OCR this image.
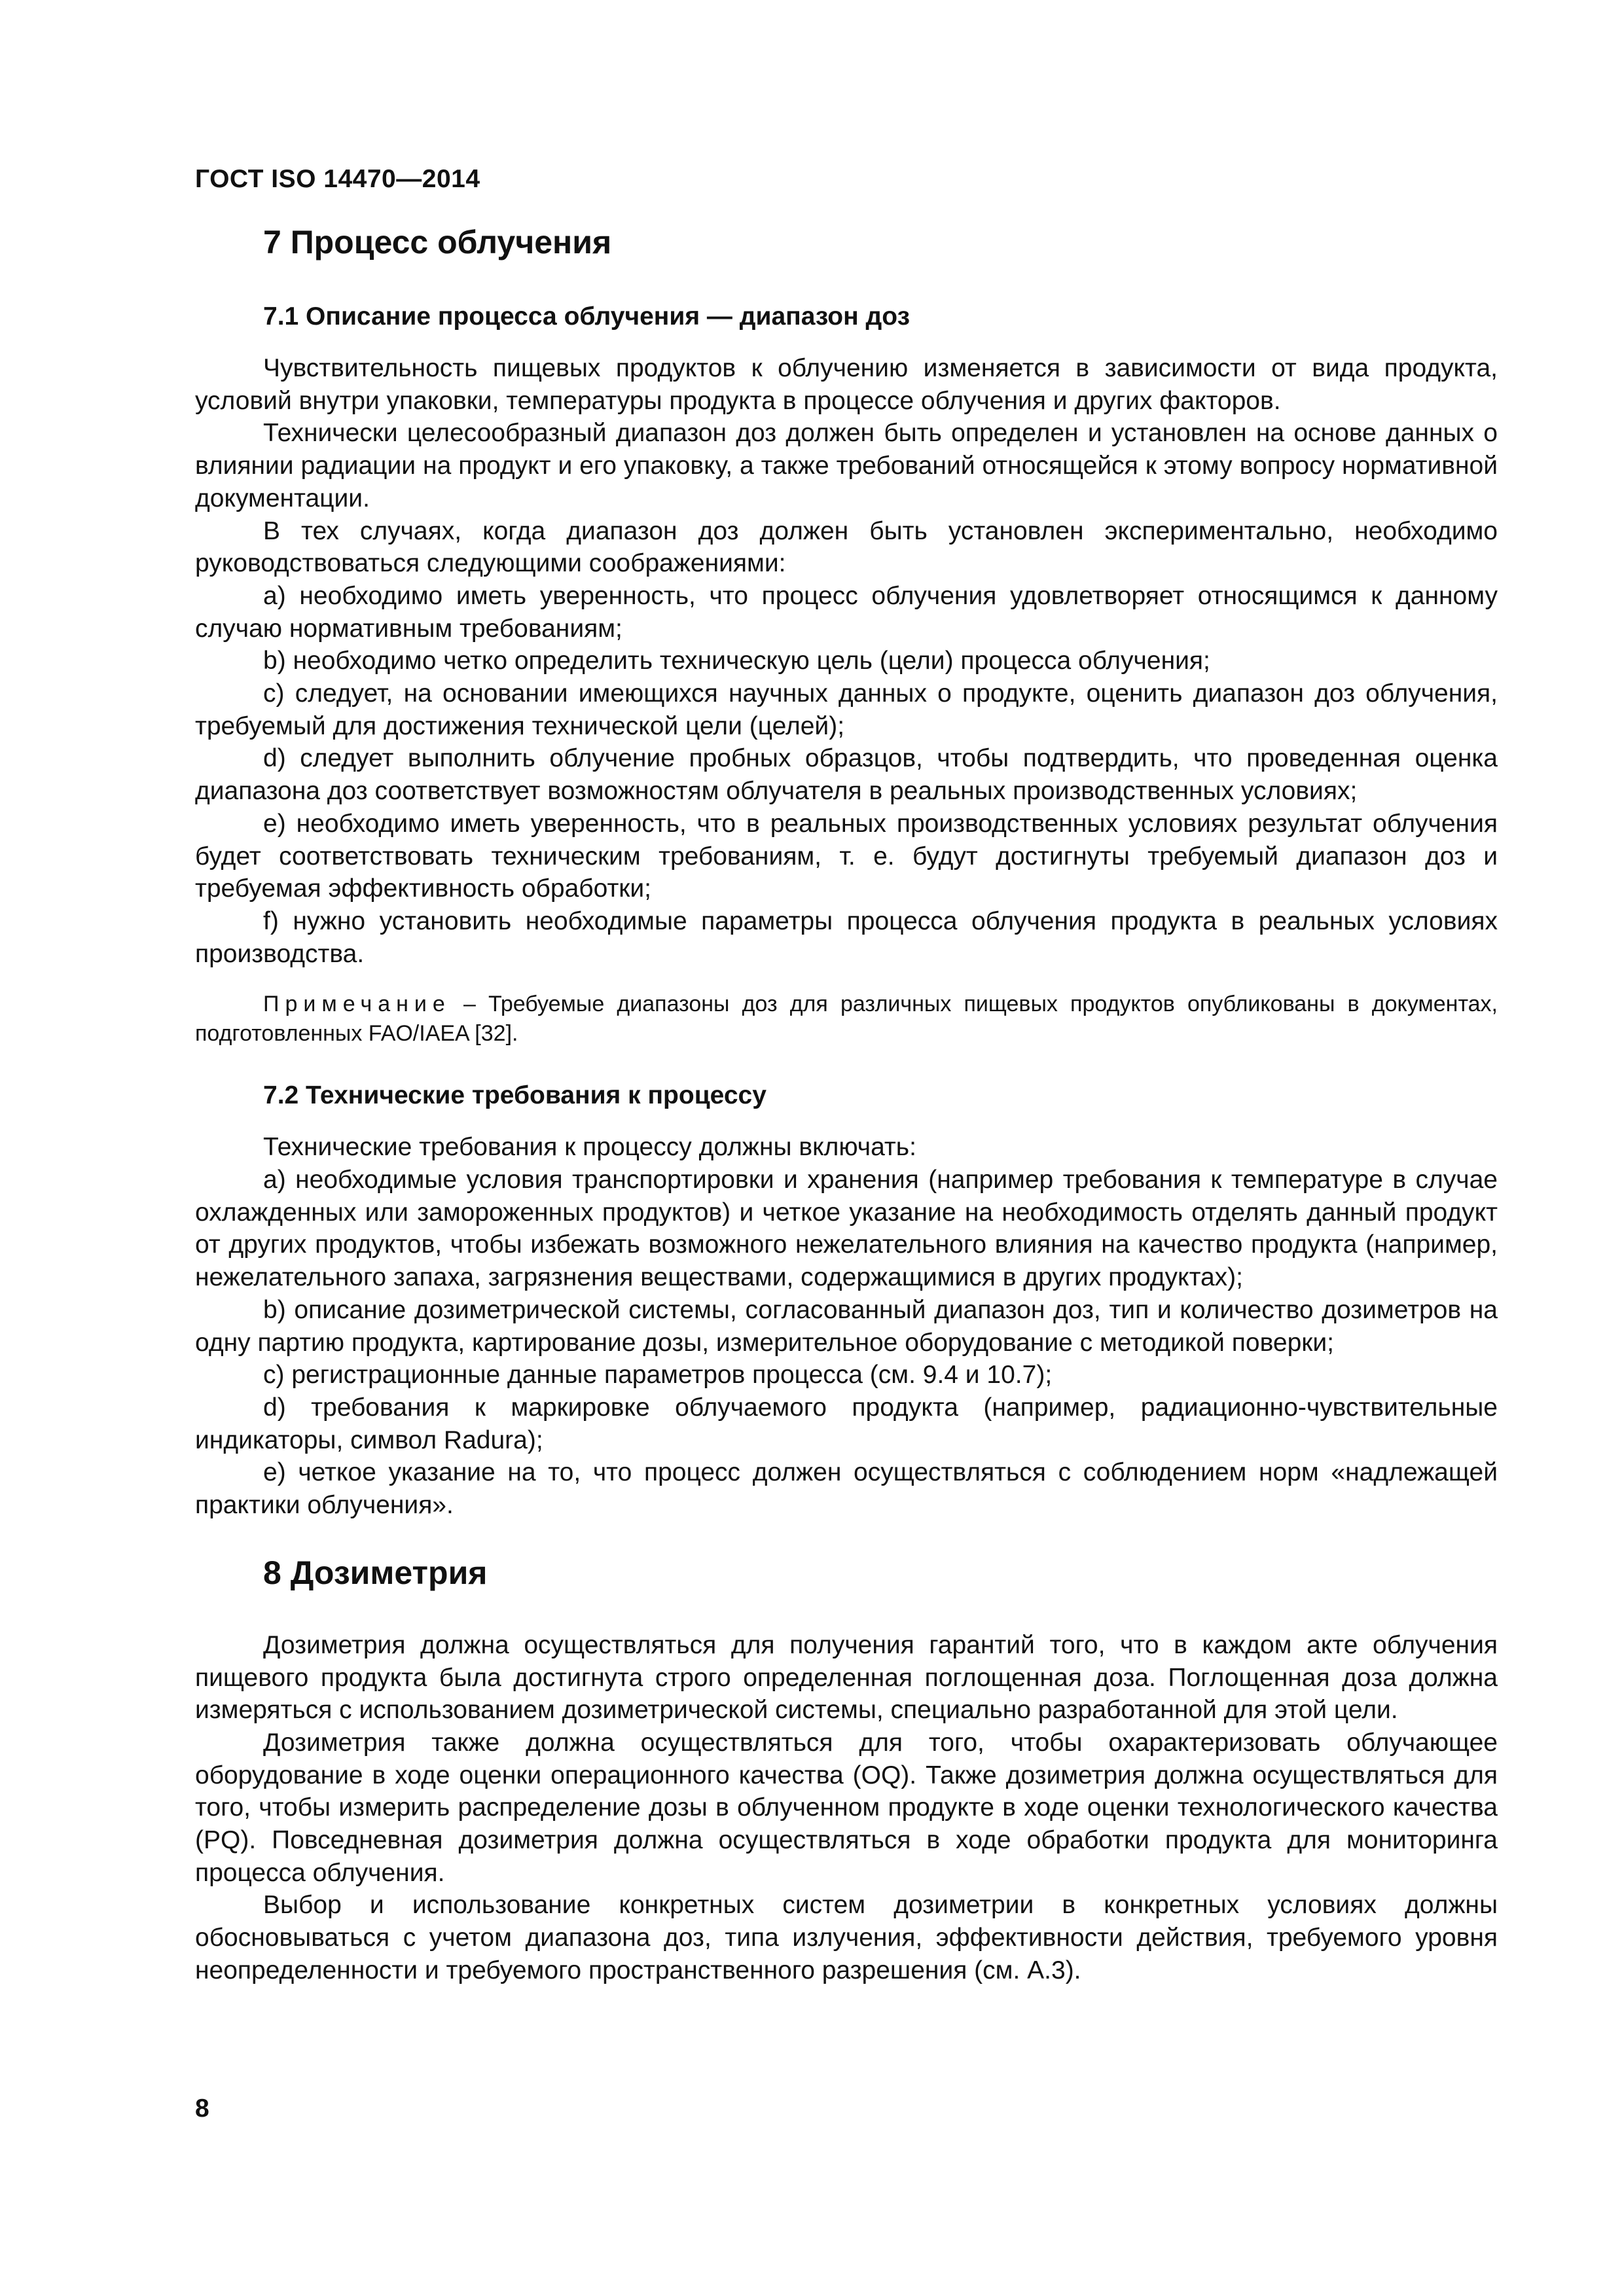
ГОСТ ISO 14470—2014
7 Процесс облучения
7.1 Описание процесса облучения — диапазон доз

Чувствительность пищевых продуктов к облучению изменяется в зависимости от вида продукта, условий внутри упаковки, температуры продукта в процессе облучения и других факторов.

Технически целесообразный диапазон доз должен быть определен и установлен на основе данных о влиянии радиации на продукт и его упаковку, а также требований относящейся к этому вопросу нормативной документации.

В тех случаях, когда диапазон доз должен быть установлен экспериментально, необходимо руководствоваться следующими соображениями:

a) необходимо иметь уверенность, что процесс облучения удовлетворяет относящимся к данному случаю нормативным требованиям;

b) необходимо четко определить техническую цель (цели) процесса облучения;

c) следует, на основании имеющихся научных данных о продукте, оценить диапазон доз облучения, требуемый для достижения технической цели (целей);

d) следует выполнить облучение пробных образцов, чтобы подтвердить, что проведенная оценка диапазона доз соответствует возможностям облучателя в реальных производственных условиях;

e) необходимо иметь уверенность, что в реальных производственных условиях результат облучения будет соответствовать техническим требованиям, т. е. будут достигнуты требуемый диапазон доз и требуемая эффективность обработки;

f) нужно установить необходимые параметры процесса облучения продукта в реальных условиях производства.

Примечание – Требуемые диапазоны доз для различных пищевых продуктов опубликованы в документах, подготовленных FAO/IAEA [32].
7.2 Технические требования к процессу

Технические требования к процессу должны включать:

a) необходимые условия транспортировки и хранения (например требования к температуре в случае охлажденных или замороженных продуктов) и четкое указание на необходимость отделять данный продукт от других продуктов, чтобы избежать возможного нежелательного влияния на качество продукта (например, нежелательного запаха, загрязнения веществами, содержащимися в других продуктах);

b) описание дозиметрической системы, согласованный диапазон доз, тип и количество дозиметров на одну партию продукта, картирование дозы, измерительное оборудование с методикой поверки;

c) регистрационные данные параметров процесса (см. 9.4 и 10.7);

d) требования к маркировке облучаемого продукта (например, радиационно-чувствительные индикаторы, символ Radura);

e) четкое указание на то, что процесс должен осуществляться с соблюдением норм «надлежащей практики облучения».

8 Дозиметрия

Дозиметрия должна осуществляться для получения гарантий того, что в каждом акте облучения пищевого продукта была достигнута строго определенная поглощенная доза. Поглощенная доза должна измеряться с использованием дозиметрической системы, специально разработанной для этой цели.

Дозиметрия также должна осуществляться для того, чтобы охарактеризовать облучающее оборудование в ходе оценки операционного качества (OQ). Также дозиметрия должна осуществляться для того, чтобы измерить распределение дозы в облученном продукте в ходе оценки технологического качества (PQ). Повседневная дозиметрия должна осуществляться в ходе обработки продукта для мониторинга процесса облучения.

Выбор и использование конкретных систем дозиметрии в конкретных условиях должны обосновываться с учетом диапазона доз, типа излучения, эффективности действия, требуемого уровня неопределенности и требуемого пространственного разрешения (см. А.3).

8
